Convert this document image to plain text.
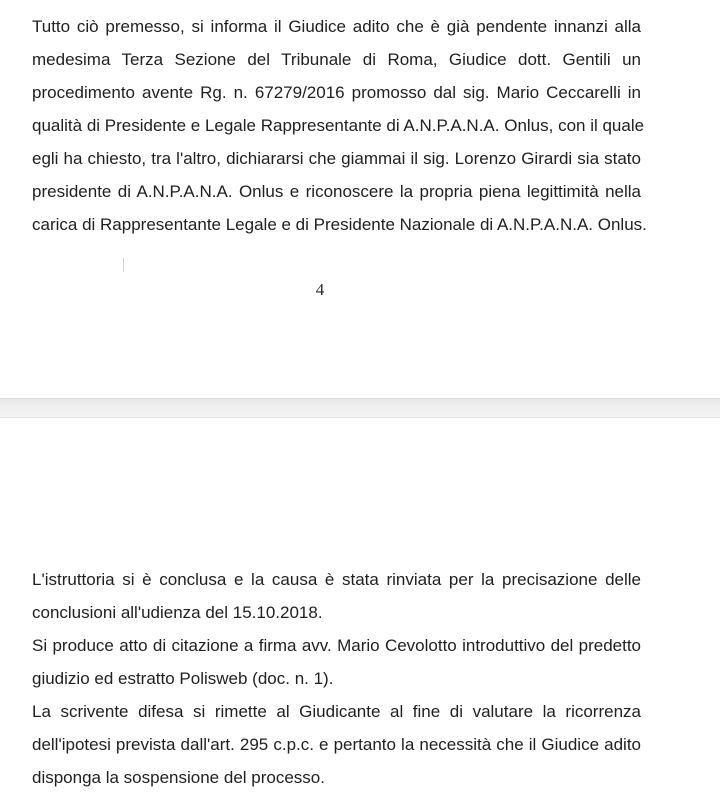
Tutto ciò premesso, si informa il Giudice adito che è già pendente innanzi alla
medesima Terza Sezione del Tribunale di Roma, Giudice dott. Gentili un
procedimento avente Rg. n. 67279/2016 promosso dal sig. Mario Ceccarelli in
qualità di Presidente e Legale Rappresentante di A.N.P.A.N.A. Onlus, con il quale
egli ha chiesto, tra l'altro, dichiararsi che giammai il sig. Lorenzo Girardi sia stato
presidente di A.N.P.A.N.A. Onlus e riconoscere la propria piena legittimità nella
carica di Rappresentante Legale e di Presidente Nazionale di A.N.P.A.N.A. Onlus.
4
L'istruttoria si è conclusa e la causa è stata rinviata per la precisazione delle
conclusioni all'udienza del 15.10.2018.
Si produce atto di citazione a firma avv. Mario Cevolotto introduttivo del predetto
giudizio ed estratto Polisweb (doc. n. 1).
La scrivente difesa si rimette al Giudicante al fine di valutare la ricorrenza
dell'ipotesi prevista dall'art. 295 c.p.c. e pertanto la necessità che il Giudice adito
disponga la sospensione del processo.
